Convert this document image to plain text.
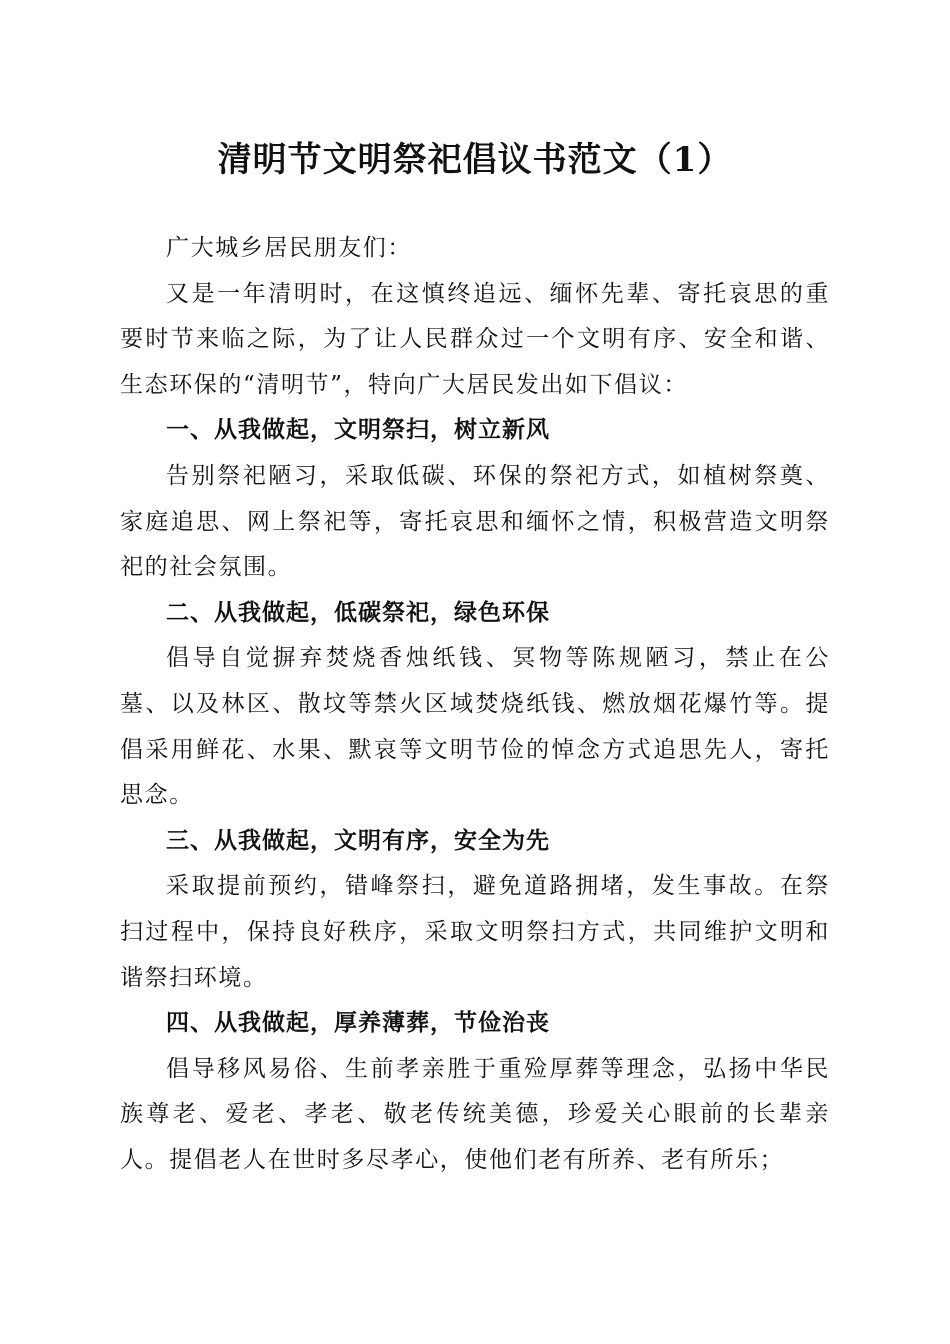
清明节文明祭祀倡议书范文（1）

广大城乡居民朋友们：

又是一年清明时，在这慎终追远、缅怀先辈、寄托哀思的重要时节来临之际，为了让人民群众过一个文明有序、安全和谐、生态环保的“清明节”，特向广大居民发出如下倡议：

一、从我做起，文明祭扫，树立新风

告别祭祀陋习，采取低碳、环保的祭祀方式，如植树祭奠、家庭追思、网上祭祀等，寄托哀思和缅怀之情，积极营造文明祭祀的社会氛围。

二、从我做起，低碳祭祀，绿色环保

倡导自觉摒弃焚烧香烛纸钱、冥物等陈规陋习，禁止在公墓、以及林区、散坟等禁火区域焚烧纸钱、燃放烟花爆竹等。提倡采用鲜花、水果、默哀等文明节俭的悼念方式追思先人，寄托思念。

三、从我做起，文明有序，安全为先

采取提前预约，错峰祭扫，避免道路拥堵，发生事故。在祭扫过程中，保持良好秩序，采取文明祭扫方式，共同维护文明和谐祭扫环境。

四、从我做起，厚养薄葬，节俭治丧

倡导移风易俗、生前孝亲胜于重殓厚葬等理念，弘扬中华民族尊老、爱老、孝老、敬老传统美德，珍爱关心眼前的长辈亲人。提倡老人在世时多尽孝心，使他们老有所养、老有所乐；
